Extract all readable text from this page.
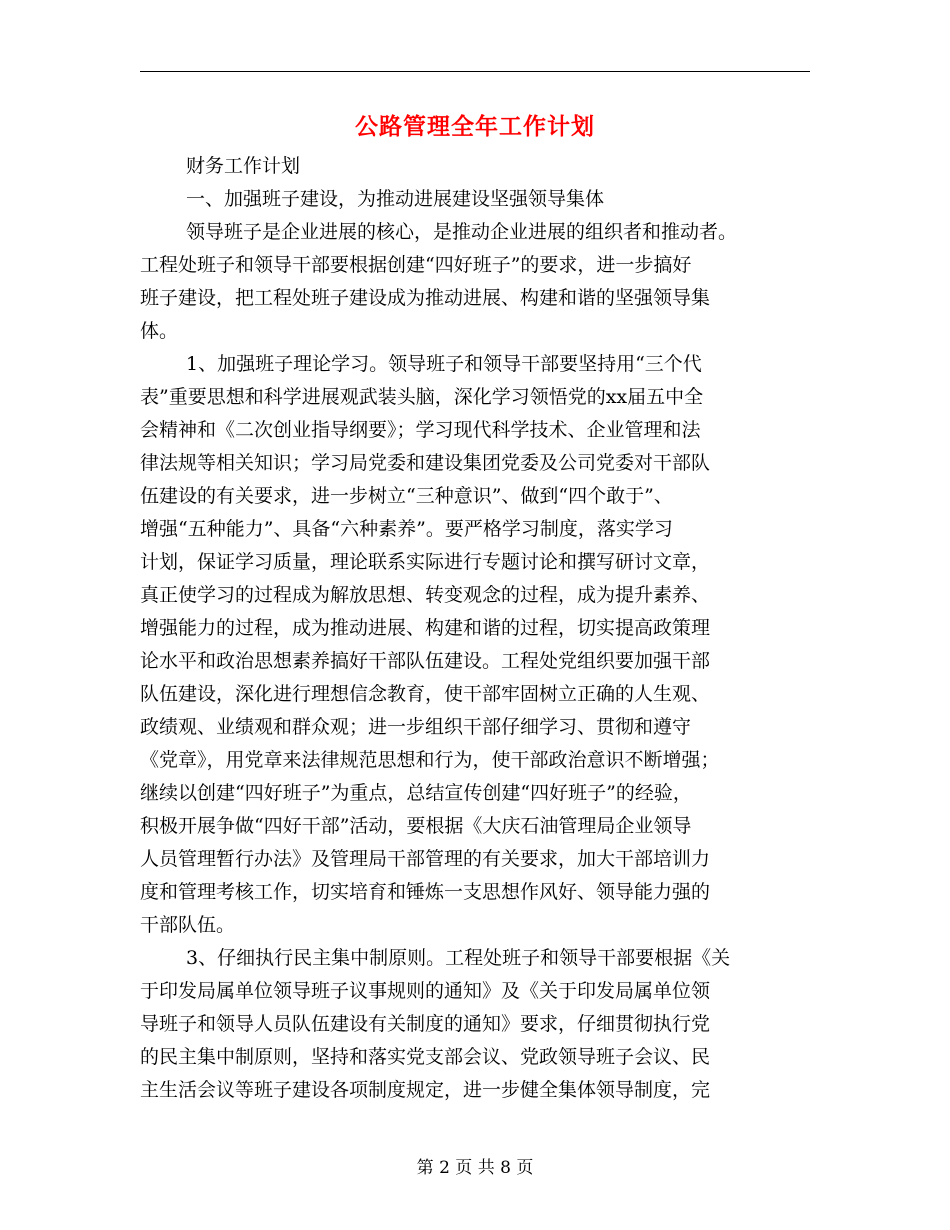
公路管理全年工作计划
财务工作计划
一、加强班子建设，为推动进展建设坚强领导集体
领导班子是企业进展的核心，是推动企业进展的组织者和推动者。
工程处班子和领导干部要根据创建“四好班子”的要求，进一步搞好
班子建设，把工程处班子建设成为推动进展、构建和谐的坚强领导集
体。
1、加强班子理论学习。领导班子和领导干部要坚持用“三个代
表”重要思想和科学进展观武装头脑，深化学习领悟党的xx届五中全
会精神和《二次创业指导纲要》；学习现代科学技术、企业管理和法
律法规等相关知识；学习局党委和建设集团党委及公司党委对干部队
伍建设的有关要求，进一步树立“三种意识”、做到“四个敢于”、
增强“五种能力”、具备“六种素养”。要严格学习制度，落实学习
计划，保证学习质量，理论联系实际进行专题讨论和撰写研讨文章，
真正使学习的过程成为解放思想、转变观念的过程，成为提升素养、
增强能力的过程，成为推动进展、构建和谐的过程，切实提高政策理
论水平和政治思想素养搞好干部队伍建设。工程处党组织要加强干部
队伍建设，深化进行理想信念教育，使干部牢固树立正确的人生观、
政绩观、业绩观和群众观；进一步组织干部仔细学习、贯彻和遵守
《党章》，用党章来法律规范思想和行为，使干部政治意识不断增强；
继续以创建“四好班子”为重点，总结宣传创建“四好班子”的经验，
积极开展争做“四好干部”活动，要根据《大庆石油管理局企业领导
人员管理暂行办法》及管理局干部管理的有关要求，加大干部培训力
度和管理考核工作，切实培育和锤炼一支思想作风好、领导能力强的
干部队伍。
3、仔细执行民主集中制原则。工程处班子和领导干部要根据《关
于印发局属单位领导班子议事规则的通知》及《关于印发局属单位领
导班子和领导人员队伍建设有关制度的通知》要求，仔细贯彻执行党
的民主集中制原则，坚持和落实党支部会议、党政领导班子会议、民
主生活会议等班子建设各项制度规定，进一步健全集体领导制度，完
第 2 页 共 8 页
